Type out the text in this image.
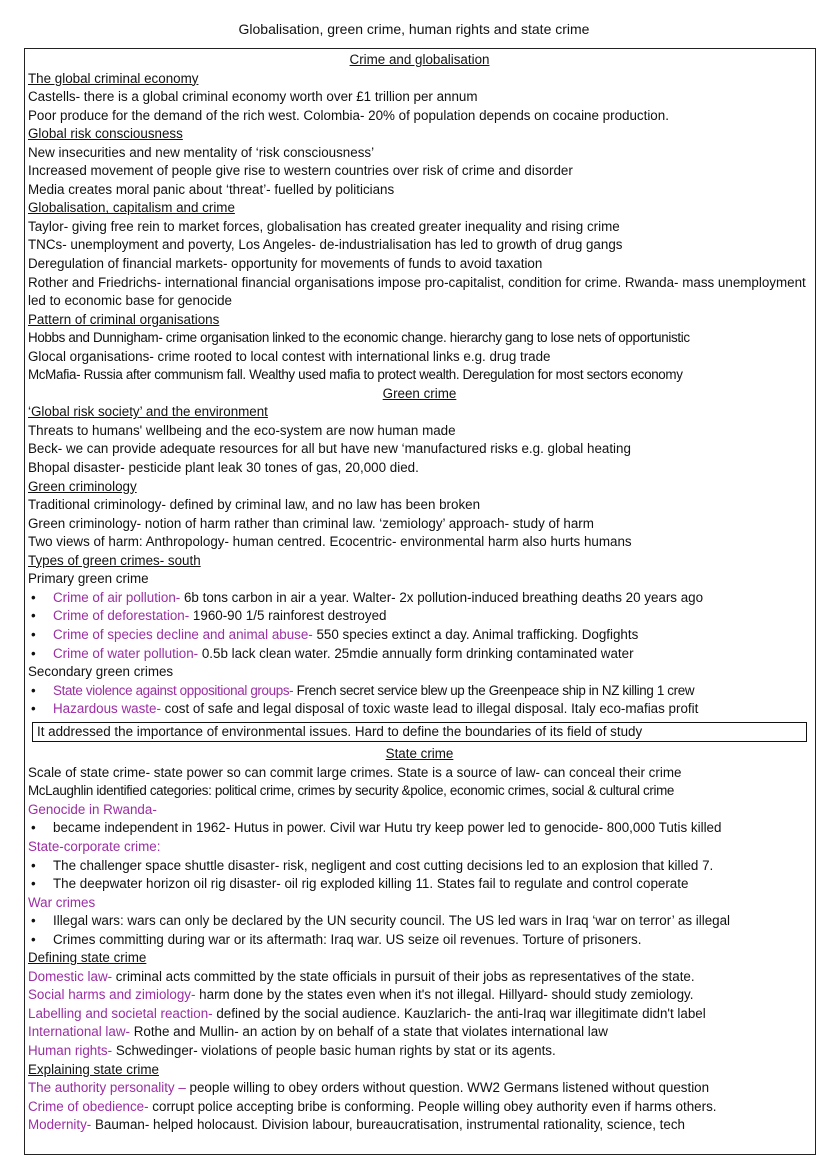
Globalisation, green crime, human rights and state crime
Crime and globalisation
The global criminal economy
Castells- there is a global criminal economy worth over £1 trillion per annum
Poor produce for the demand of the rich west. Colombia- 20% of population depends on cocaine production.
Global risk consciousness
New insecurities and new mentality of ‘risk consciousness’
Increased movement of people give rise to western countries over risk of crime and disorder
Media creates moral panic about ‘threat’- fuelled by politicians
Globalisation, capitalism and crime
Taylor- giving free rein to market forces, globalisation has created greater inequality and rising crime
TNCs- unemployment and poverty, Los Angeles- de-industrialisation has led to growth of drug gangs
Deregulation of financial markets- opportunity for movements of funds to avoid taxation
Rother and Friedrichs- international financial organisations impose pro-capitalist, condition for crime. Rwanda- mass unemployment led to economic base for genocide
Pattern of criminal organisations
Hobbs and Dunnigham- crime organisation linked to the economic change. hierarchy gang to lose nets of opportunistic
Glocal organisations- crime rooted to local contest with international links e.g. drug trade
McMafia- Russia after communism fall. Wealthy used mafia to protect wealth. Deregulation for most sectors economy
Green crime
‘Global risk society’ and the environment
Threats to humans' wellbeing and the eco-system are now human made
Beck- we can provide adequate resources for all but have new ‘manufactured risks e.g. global heating
Bhopal disaster- pesticide plant leak 30 tones of gas, 20,000 died.
Green criminology
Traditional criminology- defined by criminal law, and no law has been broken
Green criminology- notion of harm rather than criminal law. ‘zemiology’ approach- study of harm
Two views of harm: Anthropology- human centred. Ecocentric- environmental harm also hurts humans
Types of green crimes- south
Primary green crime
• Crime of air pollution- 6b tons carbon in air a year. Walter- 2x pollution-induced breathing deaths 20 years ago
• Crime of deforestation- 1960-90 1/5 rainforest destroyed
• Crime of species decline and animal abuse- 550 species extinct a day. Animal trafficking. Dogfights
• Crime of water pollution- 0.5b lack clean water. 25mdie annually form drinking contaminated water
Secondary green crimes
• State violence against oppositional groups- French secret service blew up the Greenpeace ship in NZ killing 1 crew
• Hazardous waste- cost of safe and legal disposal of toxic waste lead to illegal disposal. Italy eco-mafias profit
It addressed the importance of environmental issues. Hard to define the boundaries of its field of study
State crime
Scale of state crime- state power so can commit large crimes. State is a source of law- can conceal their crime
McLaughlin identified categories: political crime, crimes by security &police, economic crimes, social & cultural crime
Genocide in Rwanda-
• became independent in 1962- Hutus in power. Civil war Hutu try keep power led to genocide- 800,000 Tutis killed
State-corporate crime:
• The challenger space shuttle disaster- risk, negligent and cost cutting decisions led to an explosion that killed 7.
• The deepwater horizon oil rig disaster- oil rig exploded killing 11. States fail to regulate and control coperate
War crimes
• Illegal wars: wars can only be declared by the UN security council. The US led wars in Iraq ‘war on terror’ as illegal
• Crimes committing during war or its aftermath: Iraq war. US seize oil revenues. Torture of prisoners.
Defining state crime
Domestic law- criminal acts committed by the state officials in pursuit of their jobs as representatives of the state.
Social harms and zimiology- harm done by the states even when it's not illegal. Hillyard- should study zemiology.
Labelling and societal reaction- defined by the social audience. Kauzlarich- the anti-Iraq war illegitimate didn't label
International law- Rothe and Mullin- an action by on behalf of a state that violates international law
Human rights- Schwedinger- violations of people basic human rights by stat or its agents.
Explaining state crime
The authority personality – people willing to obey orders without question. WW2 Germans listened without question
Crime of obedience- corrupt police accepting bribe is conforming. People willing obey authority even if harms others.
Modernity- Bauman- helped holocaust. Division labour, bureaucratisation, instrumental rationality, science, tech
